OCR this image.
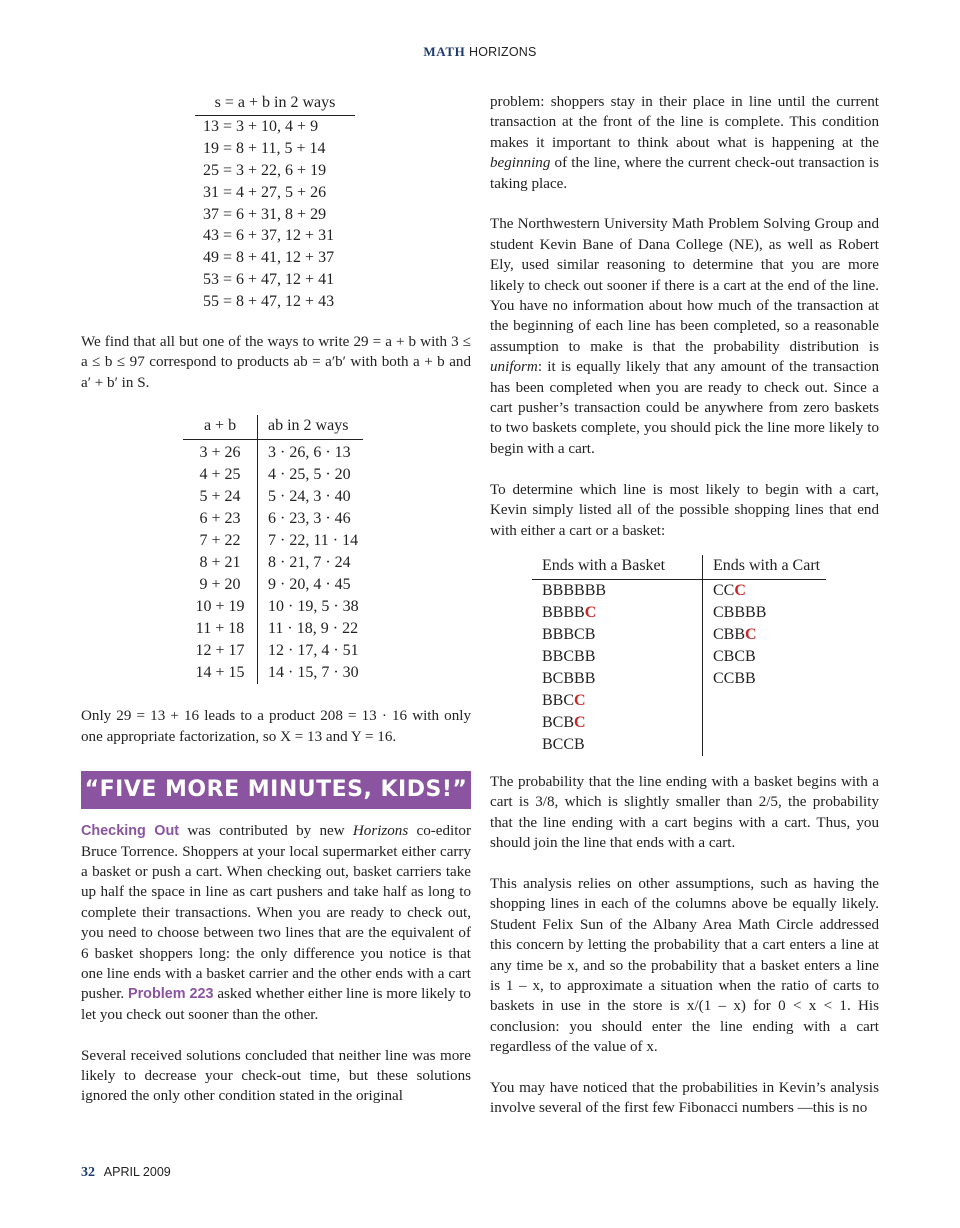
MATH HORIZONS
s = a + b in 2 ways
13 = 3 + 10, 4 + 9
19 = 8 + 11, 5 + 14
25 = 3 + 22, 6 + 19
31 = 4 + 27, 5 + 26
37 = 6 + 31, 8 + 29
43 = 6 + 37, 12 + 31
49 = 8 + 41, 12 + 37
53 = 6 + 47, 12 + 41
55 = 8 + 47, 12 + 43

We find that all but one of the ways to write 29 = a + b with 3 ≤ a ≤ b ≤ 97 correspond to products ab = a′b′ with both a + b and a′ + b′ in S.

a + b	ab in 2 ways
3 + 26	3 · 26, 6 · 13
4 + 25	4 · 25, 5 · 20
5 + 24	5 · 24, 3 · 40
6 + 23	6 · 23, 3 · 46
7 + 22	7 · 22, 11 · 14
8 + 21	8 · 21, 7 · 24
9 + 20	9 · 20, 4 · 45
10 + 19	10 · 19, 5 · 38
11 + 18	11 · 18, 9 · 22
12 + 17	12 · 17, 4 · 51
14 + 15	14 · 15, 7 · 30

Only 29 = 13 + 16 leads to a product 208 = 13 · 16 with only one appropriate factorization, so X = 13 and Y = 16.

“FIVE MORE MINUTES, KIDS!”

Checking Out was contributed by new Horizons co-editor Bruce Torrence. Shoppers at your local supermarket either carry a basket or push a cart. When checking out, basket carriers take up half the space in line as cart pushers and take half as long to complete their transactions. When you are ready to check out, you need to choose between two lines that are the equivalent of 6 basket shoppers long: the only difference you notice is that one line ends with a basket carrier and the other ends with a cart pusher. Problem 223 asked whether either line is more likely to let you check out sooner than the other.

Several received solutions concluded that neither line was more likely to decrease your check-out time, but these solutions ignored the only other condition stated in the original

problem: shoppers stay in their place in line until the current transaction at the front of the line is complete. This condition makes it important to think about what is happening at the beginning of the line, where the current check-out transaction is taking place.

The Northwestern University Math Problem Solving Group and student Kevin Bane of Dana College (NE), as well as Robert Ely, used similar reasoning to determine that you are more likely to check out sooner if there is a cart at the end of the line. You have no information about how much of the transaction at the beginning of each line has been completed, so a reasonable assumption to make is that the probability distribution is uniform: it is equally likely that any amount of the transaction has been completed when you are ready to check out. Since a cart pusher’s transaction could be anywhere from zero baskets to two baskets complete, you should pick the line more likely to begin with a cart.

To determine which line is most likely to begin with a cart, Kevin simply listed all of the possible shopping lines that end with either a cart or a basket:

Ends with a Basket	Ends with a Cart
BBBBBB	CCC
BBBBC	CBBBB
BBBCB	CBBC
BBCBB	CBCB
BCBBB	CCBB
BBCC	
BCBC	
BCCB	

The probability that the line ending with a basket begins with a cart is 3/8, which is slightly smaller than 2/5, the probability that the line ending with a cart begins with a cart. Thus, you should join the line that ends with a cart.

This analysis relies on other assumptions, such as having the shopping lines in each of the columns above be equally likely. Student Felix Sun of the Albany Area Math Circle addressed this concern by letting the probability that a cart enters a line at any time be x, and so the probability that a basket enters a line is 1 – x, to approximate a situation when the ratio of carts to baskets in use in the store is x/(1 – x) for 0 < x < 1. His conclusion: you should enter the line ending with a cart regardless of the value of x.

You may have noticed that the probabilities in Kevin’s analysis involve several of the first few Fibonacci numbers —this is no

32 APRIL 2009
